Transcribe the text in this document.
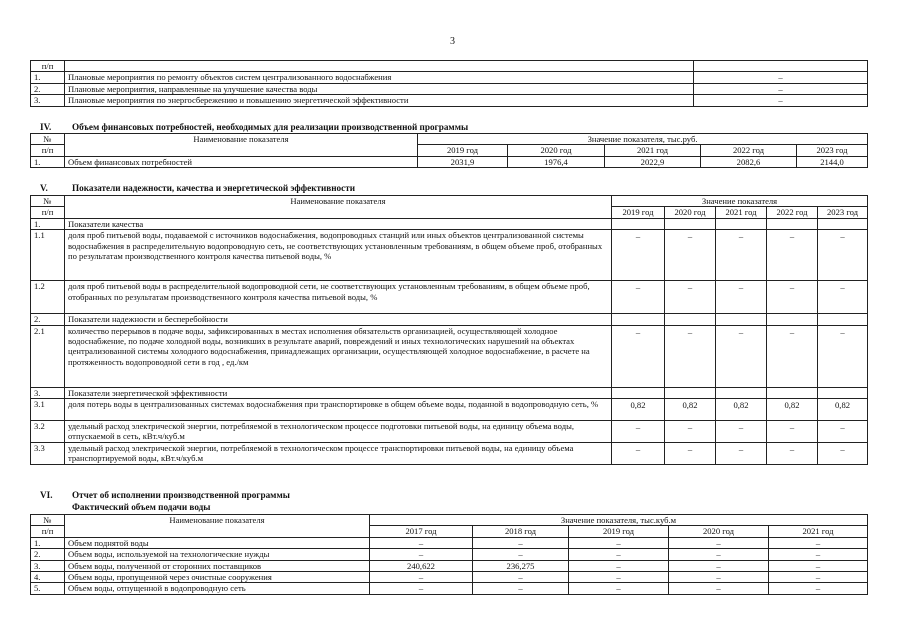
3
п/п		
1.	Плановые мероприятия по ремонту объектов систем централизованного водоснабжения	–
2.	Плановые мероприятия, направленные на улучшение качества воды	–
3.	Плановые мероприятия по энергосбережению и повышению энергетической эффективности	–
IV. Объем финансовых потребностей, необходимых для реализации производственной программы
№	Наименование показателя	Значение показателя, тыс.руб.				
п/п		2019 год	2020 год	2021 год	2022 год	2023 год
1.	Объем финансовых потребностей	2031,9	1976,4	2022,9	2082,6	2144,0
V.	Показатели надежности, качества и энергетической эффективности
№	Наименование показателя	Значение показателя				
п/п		2019 год	2020 год	2021 год	2022 год	2023 год
1.	Показатели качества					
1.1	доля проб питьевой воды, подаваемой с источников водоснабжения, водопроводных станций или иных объектов централизованной системы водоснабжения в распределительную водопроводную сеть, не соответствующих установленным требованиям, в общем объеме проб, отобранных по результатам производственного контроля качества питьевой воды, %	–	–	–	–	–
1.2	доля проб питьевой воды в распределительной водопроводной сети, не соответствующих установленным требованиям, в общем объеме проб, отобранных по результатам производственного контроля качества питьевой воды, %	–	–	–	–	–
2.	Показатели надежности и бесперебойности					
2.1	количество перерывов в подаче воды, зафиксированных в местах исполнения обязательств организацией, осуществляющей холодное водоснабжение, по подаче холодной воды, возникших в результате аварий, повреждений и иных технологических нарушений на объектах централизованной системы холодного водоснабжения, принадлежащих организации, осуществляющей холодное водоснабжение, в расчете на протяженность водопроводной сети в год , ед./км	–	–	–	–	–
3.	Показатели энергетической эффективности					
3.1	доля потерь воды в централизованных системах водоснабжения при транспортировке в общем объеме воды, поданной в водопроводную сеть, %	0,82	0,82	0,82	0,82	0,82
3.2	удельный расход электрической энергии, потребляемой в технологическом процессе подготовки питьевой воды, на единицу объема воды, отпускаемой в сеть, кВт.ч/куб.м	–	–	–	–	–
3.3	удельный расход электрической энергии, потребляемой в технологическом процессе транспортировки питьевой воды, на единицу объема транспортируемой воды, кВт.ч/куб.м	–	–	–	–	–
VI. Отчет об исполнении производственной программы
Фактический объем подачи воды
№	Наименование показателя	Значение показателя, тыс.куб.м				
п/п		2017 год	2018 год	2019 год	2020 год	2021 год
1.	Объем поднятой воды	–	–	–	–	–
2.	Объем воды, используемой на технологические нужды	–	–	–	–	–
3.	Объем воды, полученной от сторонних поставщиков	240,622	236,275	–	–	–
4.	Объем воды, пропущенной через очистные сооружения	–	–	–	–	–
5.	Объем воды, отпущенной в водопроводную сеть	–	–	–	–	–
